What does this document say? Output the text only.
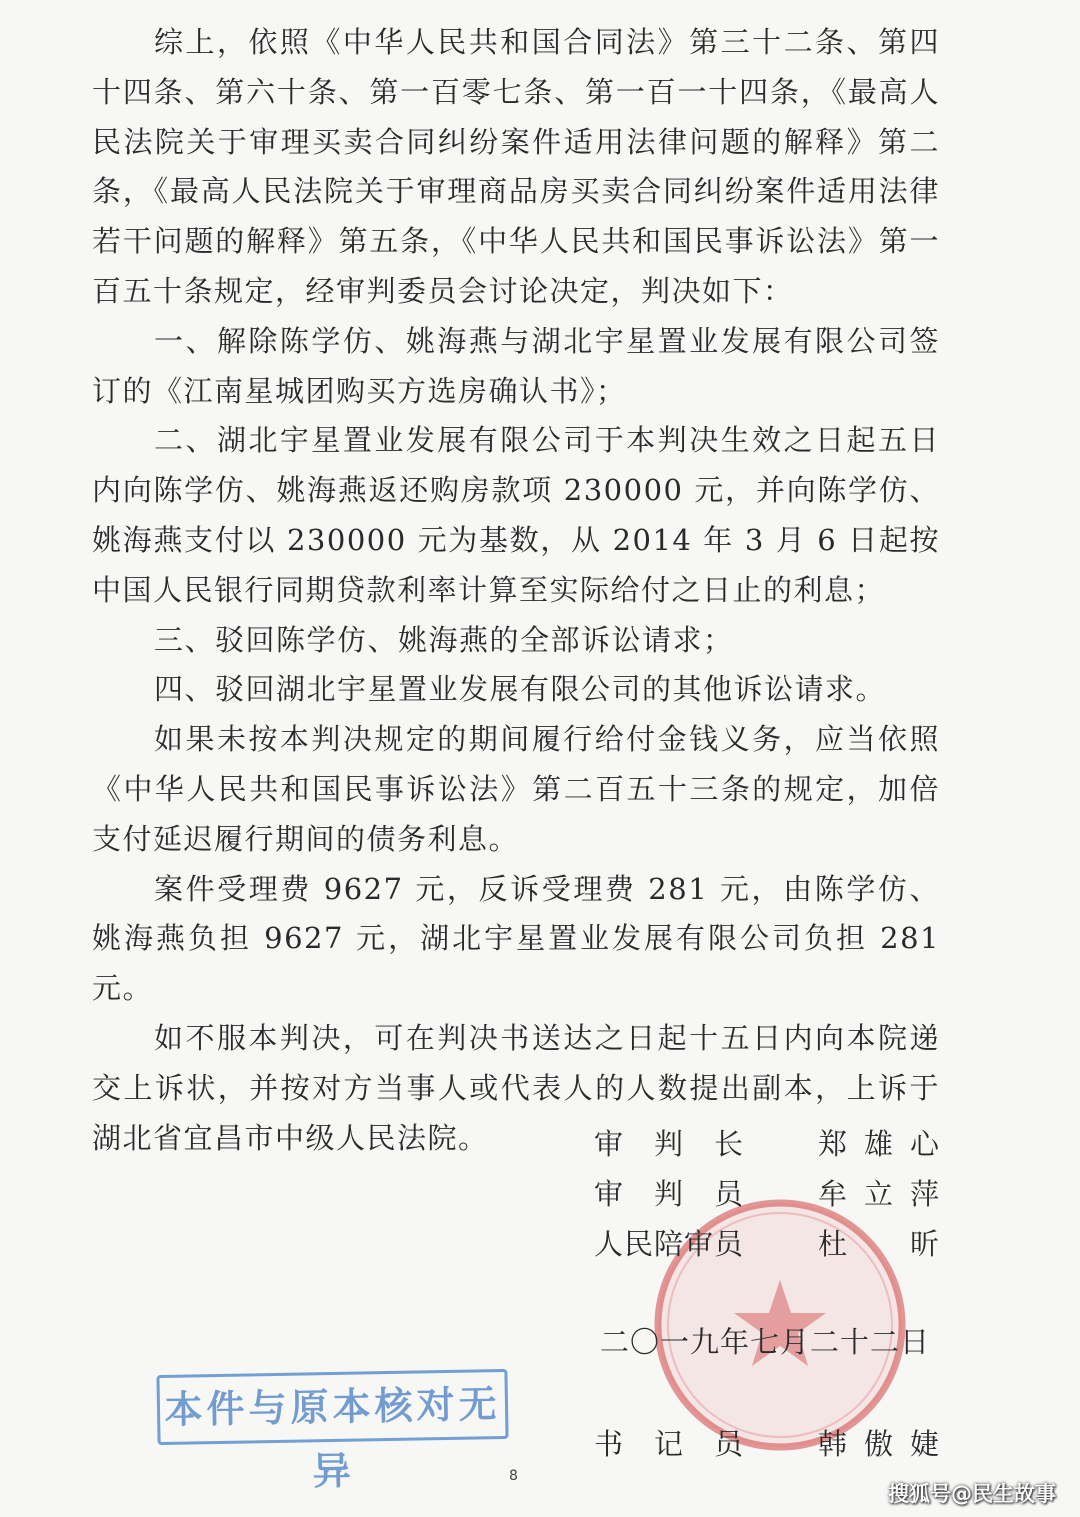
综上，依照《中华人民共和国合同法》第三十二条、第四十四条、第六十条、第一百零七条、第一百一十四条，《最高人民法院关于审理买卖合同纠纷案件适用法律问题的解释》第二条，《最高人民法院关于审理商品房买卖合同纠纷案件适用法律若干问题的解释》第五条，《中华人民共和国民事诉讼法》第一百五十条规定，经审判委员会讨论决定，判决如下：

一、解除陈学仿、姚海燕与湖北宇星置业发展有限公司签订的《江南星城团购买方选房确认书》；

二、湖北宇星置业发展有限公司于本判决生效之日起五日内向陈学仿、姚海燕返还购房款项 230000 元，并向陈学仿、姚海燕支付以 230000 元为基数，从 2014 年 3 月 6 日起按中国人民银行同期贷款利率计算至实际给付之日止的利息；

三、驳回陈学仿、姚海燕的全部诉讼请求；

四、驳回湖北宇星置业发展有限公司的其他诉讼请求。

如果未按本判决规定的期间履行给付金钱义务，应当依照《中华人民共和国民事诉讼法》第二百五十三条的规定，加倍支付延迟履行期间的债务利息。

案件受理费 9627 元，反诉受理费 281 元，由陈学仿、姚海燕负担 9627 元，湖北宇星置业发展有限公司负担 281 元。

如不服本判决，可在判决书送达之日起十五日内向本院递交上诉状，并按对方当事人或代表人的人数提出副本，上诉于湖北省宜昌市中级人民法院。	审 判 长	郑 雄 心
审 判 员	牟 立 萍
人民陪审员	杜 昕
书 记 员	韩 傲 婕
二〇一九年七月二十二日
本件与原本核对无异	8
搜狐号@民生故事
